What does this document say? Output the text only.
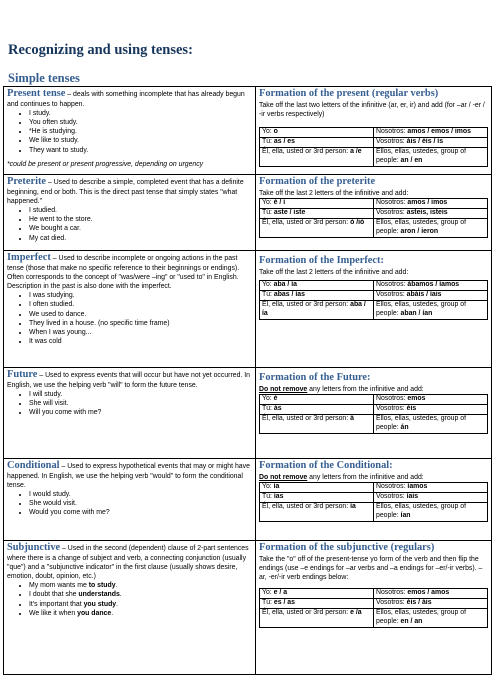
Recognizing and using tenses:
Simple tenses
Present tense – deals with something incomplete that has already begun and continues to happen.
• I study.
• You often study.
• *He is studying.
• We like to study.
• They want to study.
*could be present or present progressive, depending on urgency
Formation of the present (regular verbs)
Take off the last two letters of the infinitive (ar, er, ir) and add (for –ar / -er / -ir verbs respectively)
Yo: o	Nosotros: amos / emos / imos
Tú: as / es	Vosotros: áis / éis / ís
Él, ella, usted or 3rd person: a /e	Ellos, ellas, ustedes, group of people: an / en
Preterite – Used to describe a simple, completed event that has a definite beginning, end or both. This is the direct past tense that simply states "what happened."
• I studied.
• He went to the store.
• We bought a car.
• My cat died.
Formation of the preterite
Take off the last 2 letters of the infinitive and add:
Yo: é / í	Nosotros: amos / imos
Tú: aste / iste	Vosotros: asteis, isteis
Él, ella, usted or 3rd person: ó /ió	Ellos, ellas, ustedes, group of people: aron / ieron
Imperfect – Used to describe incomplete or ongoing actions in the past tense (those that make no specific reference to their beginnings or endings). Often corresponds to the concept of "was/were –ing" or "used to" in English. Description in the past is also done with the imperfect.
• I was studying.
• I often studied.
• We used to dance.
• They lived in a house. (no specific time frame)
• When I was young...
• It was cold
Formation of the Imperfect:
Take off the last 2 letters of the infinitive and add:
Yo: aba / ía	Nosotros: ábamos / íamos
Tú: abas / ías	Vosotros: abáis / íais
Él, ella, usted or 3rd person: aba / ía	Ellos, ellas, ustedes, group of people: aban / ían
Future – Used to express events that will occur but have not yet occurred. In English, we use the helping verb "will" to form the future tense.
• I will study.
• She will visit.
• Will you come with me?
Formation of the Future:
Do not remove any letters from the infinitive and add:
Yo: é	Nosotros: emos
Tú: ás	Vosotros: éis
Él, ella, usted or 3rd person: á	Ellos, ellas, ustedes, group of people: án
Conditional – Used to express hypothetical events that may or might have happened. In English, we use the helping verb "would" to form the conditional tense.
• I would study.
• She would visit.
• Would you come with me?
Formation of the Conditional:
Do not remove any letters from the infinitive and add:
Yo: ía	Nosotros: íamos
Tú: ías	Vosotros: íais
Él, ella, usted or 3rd person: ía	Ellos, ellas, ustedes, group of people: ían
Subjunctive – Used in the second (dependent) clause of 2-part sentences where there is a change of subject and verb, a connecting conjunction (usually "que") and a "subjunctive indicator" in the first clause (usually shows desire, emotion, doubt, opinion, etc.)
• My mom wants me to study.
• I doubt that she understands.
• It's important that you study.
• We like it when you dance.
Formation of the subjunctive (regulars)
Take the "o" off of the present-tense yo form of the verb and then flip the endings (use –e endings for –ar verbs and –a endings for –er/-ir verbs). –ar, -er/-ir verb endings below:
Yo: e / a	Nosotros: emos / amos
Tú: es / as	Vosotros: éis / áis
Él, ella, usted or 3rd person: e /a	Ellos, ellas, ustedes, group of people: en / an
